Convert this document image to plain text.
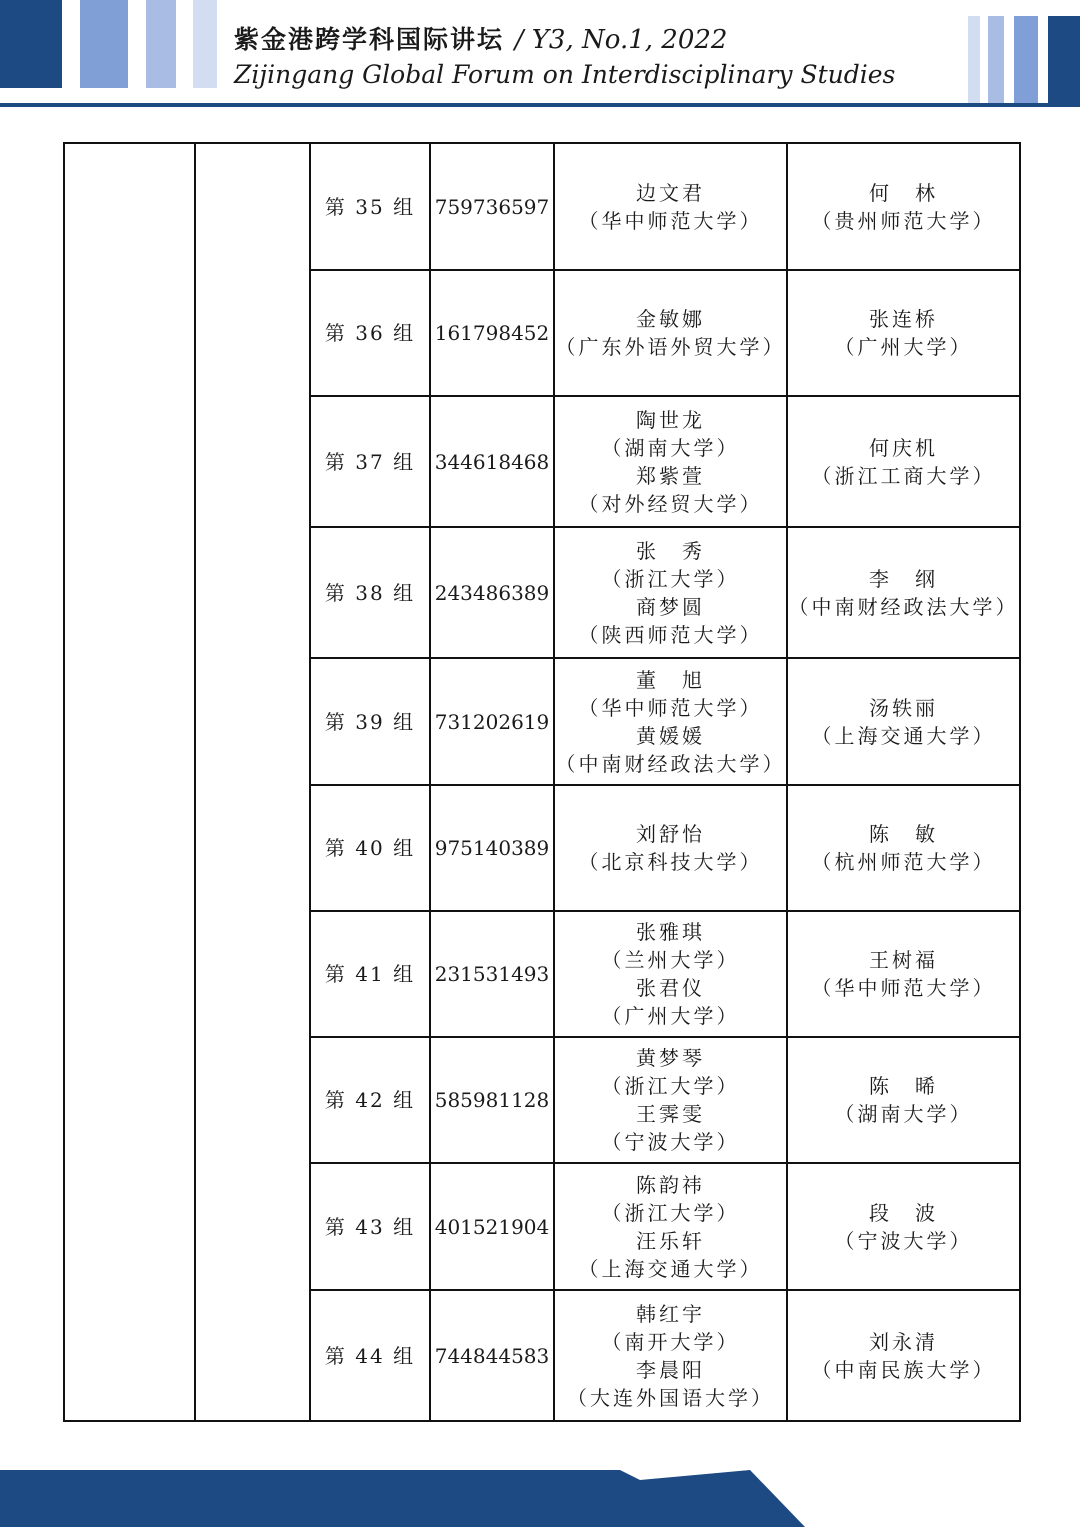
紫金港跨学科国际讲坛 / Y3, No.1, 2022
Zijingang Global Forum on Interdisciplinary Studies
		第 35 组	759736597	边文君
（华中师范大学）	何　林
（贵州师范大学）

		第 36 组	161798452	金敏娜
（广东外语外贸大学）	张连桥
（广州大学）

		第 37 组	344618468	陶世龙
（湖南大学）
郑紫萱
（对外经贸大学）	何庆机
（浙江工商大学）

		第 38 组	243486389	张　秀
（浙江大学）
商梦圆
（陕西师范大学）	李　纲
（中南财经政法大学）

		第 39 组	731202619	董　旭
（华中师范大学）
黄媛媛
（中南财经政法大学）	汤轶丽
（上海交通大学）

		第 40 组	975140389	刘舒怡
（北京科技大学）	陈　敏
（杭州师范大学）

		第 41 组	231531493	张雅琪
（兰州大学）
张君仪
（广州大学）	王树福
（华中师范大学）

		第 42 组	585981128	黄梦琴
（浙江大学）
王霁雯
（宁波大学）	陈　晞
（湖南大学）

		第 43 组	401521904	陈韵祎
（浙江大学）
汪乐轩
（上海交通大学）	段　波
（宁波大学）

		第 44 组	744844583	韩红宇
（南开大学）
李晨阳
（大连外国语大学）	刘永清
（中南民族大学）
